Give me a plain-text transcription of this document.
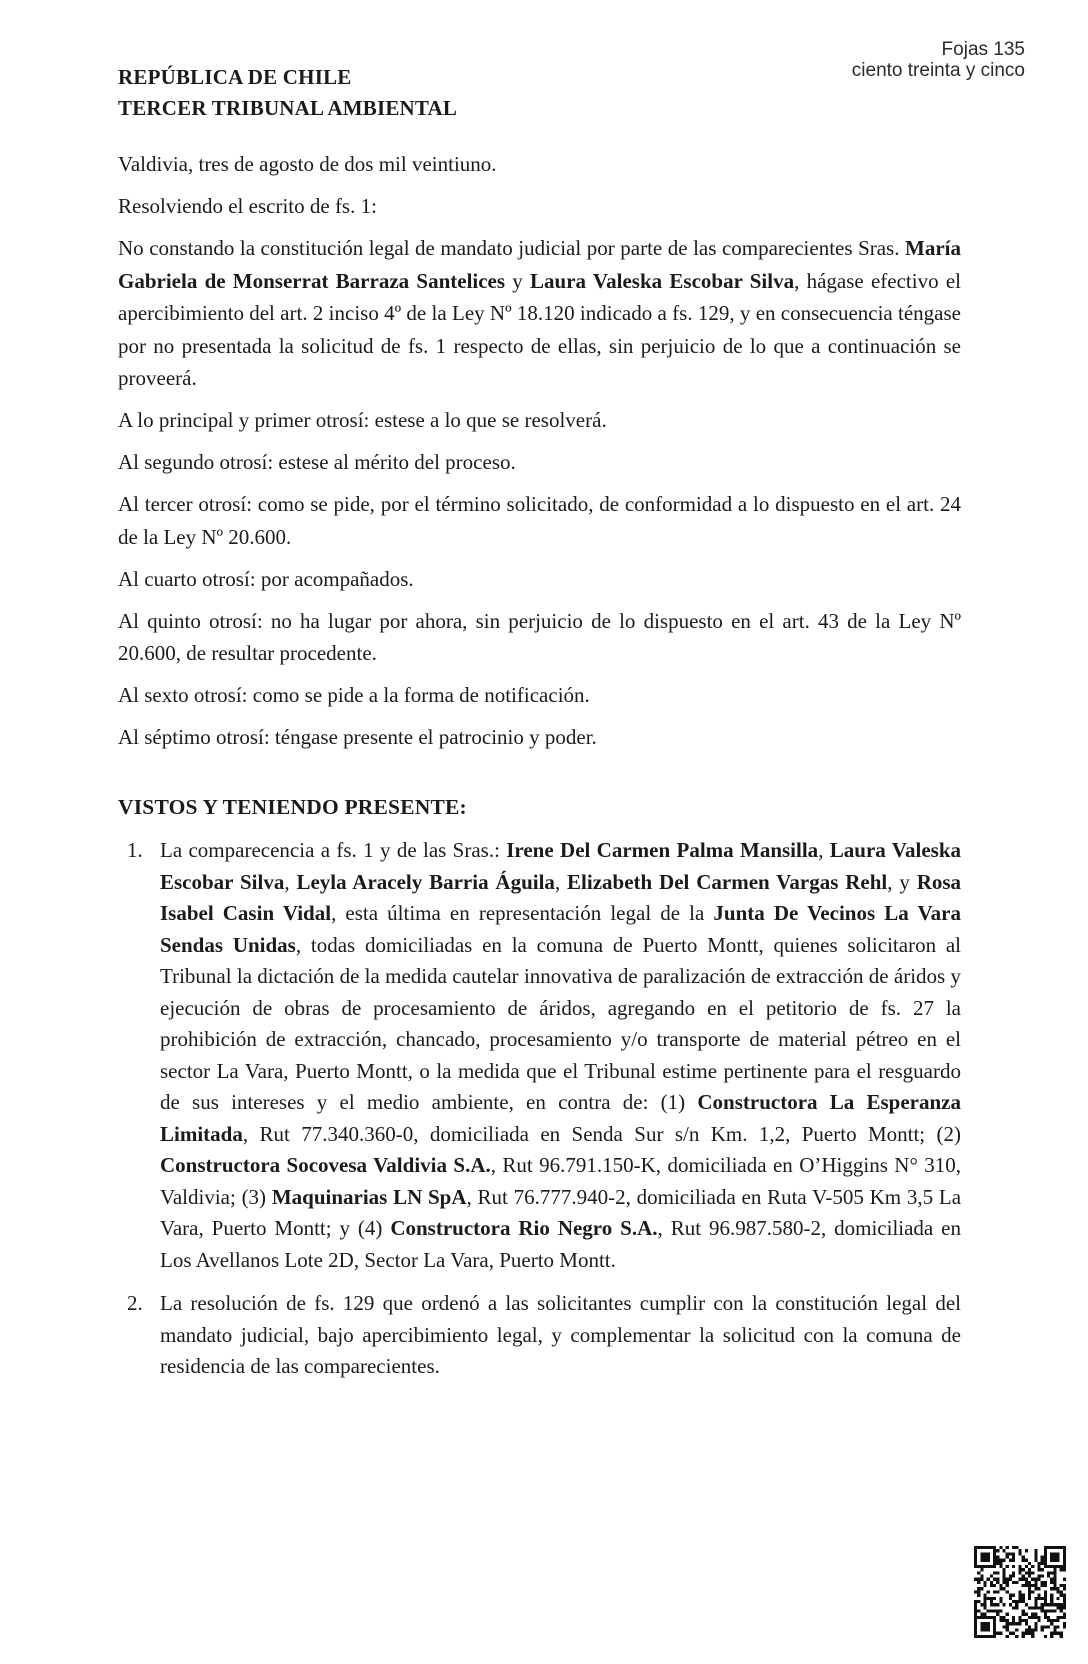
Fojas 135
ciento treinta y cinco
REPÚBLICA DE CHILE
TERCER TRIBUNAL AMBIENTAL

Valdivia, tres de agosto de dos mil veintiuno.

Resolviendo el escrito de fs. 1:

No constando la constitución legal de mandato judicial por parte de las comparecientes Sras. María Gabriela de Monserrat Barraza Santelices y Laura Valeska Escobar Silva, hágase efectivo el apercibimiento del art. 2 inciso 4º de la Ley Nº 18.120 indicado a fs. 129, y en consecuencia téngase por no presentada la solicitud de fs. 1 respecto de ellas, sin perjuicio de lo que a continuación se proveerá.

A lo principal y primer otrosí: estese a lo que se resolverá.

Al segundo otrosí: estese al mérito del proceso.

Al tercer otrosí: como se pide, por el término solicitado, de conformidad a lo dispuesto en el art. 24 de la Ley Nº 20.600.

Al cuarto otrosí: por acompañados.

Al quinto otrosí: no ha lugar por ahora, sin perjuicio de lo dispuesto en el art. 43 de la Ley Nº 20.600, de resultar procedente.

Al sexto otrosí: como se pide a la forma de notificación.

Al séptimo otrosí: téngase presente el patrocinio y poder.

VISTOS Y TENIENDO PRESENTE:
1. La comparecencia a fs. 1 y de las Sras.: Irene Del Carmen Palma Mansilla, Laura Valeska Escobar Silva, Leyla Aracely Barria Águila, Elizabeth Del Carmen Vargas Rehl, y Rosa Isabel Casin Vidal, esta última en representación legal de la Junta De Vecinos La Vara Sendas Unidas, todas domiciliadas en la comuna de Puerto Montt, quienes solicitaron al Tribunal la dictación de la medida cautelar innovativa de paralización de extracción de áridos y ejecución de obras de procesamiento de áridos, agregando en el petitorio de fs. 27 la prohibición de extracción, chancado, procesamiento y/o transporte de material pétreo en el sector La Vara, Puerto Montt, o la medida que el Tribunal estime pertinente para el resguardo de sus intereses y el medio ambiente, en contra de: (1) Constructora La Esperanza Limitada, Rut 77.340.360-0, domiciliada en Senda Sur s/n Km. 1,2, Puerto Montt; (2) Constructora Socovesa Valdivia S.A., Rut 96.791.150-K, domiciliada en O’Higgins N° 310, Valdivia; (3) Maquinarias LN SpA, Rut 76.777.940-2, domiciliada en Ruta V-505 Km 3,5 La Vara, Puerto Montt; y (4) Constructora Rio Negro S.A., Rut 96.987.580-2, domiciliada en Los Avellanos Lote 2D, Sector La Vara, Puerto Montt.
2. La resolución de fs. 129 que ordenó a las solicitantes cumplir con la constitución legal del mandato judicial, bajo apercibimiento legal, y complementar la solicitud con la comuna de residencia de las comparecientes.
